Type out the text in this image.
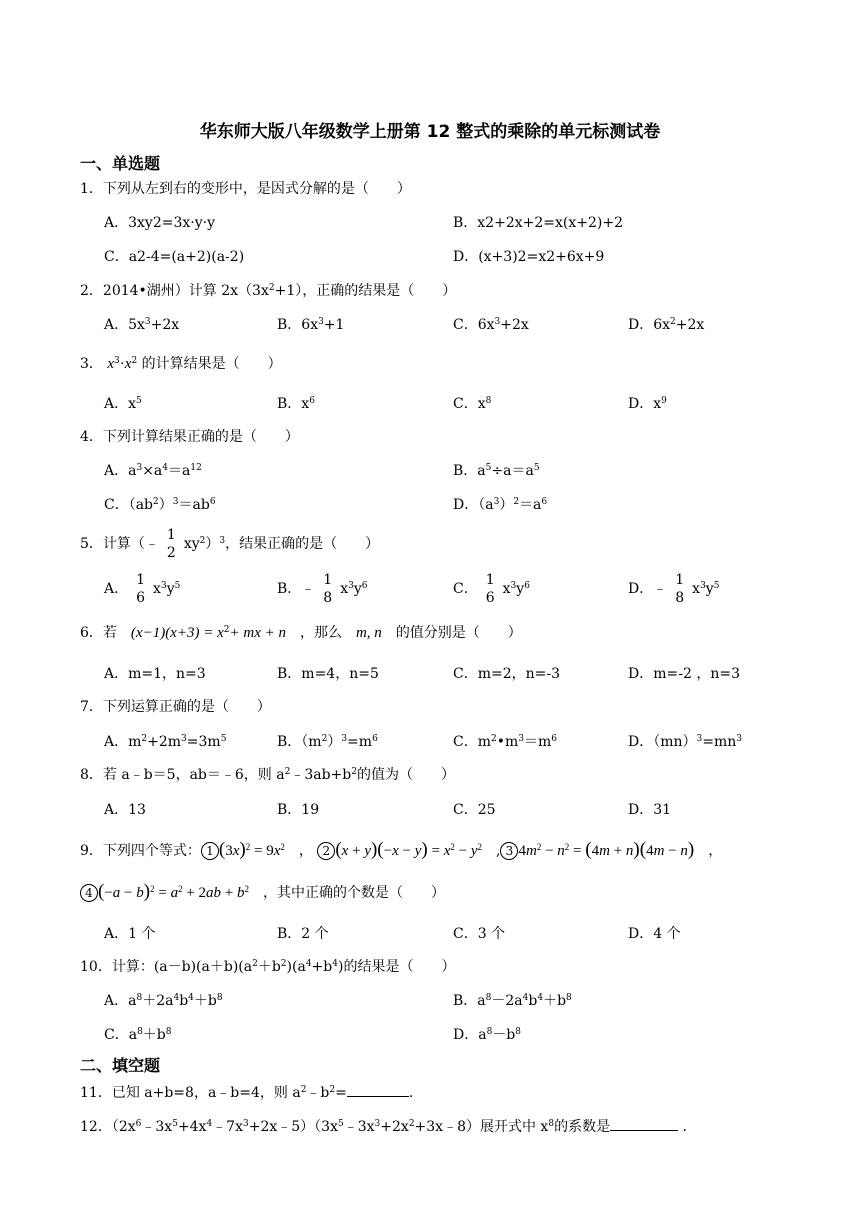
华东师大版八年级数学上册第 12 整式的乘除的单元标测试卷
一、单选题
1．下列从左到右的变形中，是因式分解的是（　　）
A．3xy2=3x·y·y	B．x2+2x+2=x(x+2)+2
C．a2-4=(a+2)(a-2)	D．(x+3)2=x2+6x+9
2．2014•湖州）计算 $2x(3x^2+1)$，正确的结果是（　　）
A．$5x^3+2x$	B．$6x^3+1$	C．$6x^3+2x$	D．$6x^2+2x$
3． $x^3\cdot x^2$ 的计算结果是（　　）
A．$x^5$	B．$x^6$	C．$x^8$	D．$x^9$
4．下列计算结果正确的是（　　）
A．$a^3\times a^4=a^{12}$	B．$a^5\div a=a^5$
C．$(ab^2)^3=ab^6$	D．$(a^3)^2=a^6$
5．计算（﹣
1
2
$xy^2)^3$，结果正确的是（　　）
A．
1
6
$x^3y^5$	B．﹣
1
8
$x^3y^6$	C．
1
6
$x^3y^6$	D．﹣
1
8
$x^3y^5$
6．若　 $(x-1)(x+3) = x^2+$ mx + n　 ，那么　 m, n　 的值分别是（　　）
A．m=1，n=3	B．m=4，n=5	C．m=2，n=-3	D．m=-2 ，n=3
7．下列运算正确的是（　　）
A．$m^2+2m^3=3m^5$	B．$(m^2)^3=m^6$	C．$m^2•m^3=m^6$	D．$(mn)^3=mn^3$
8．若 a﹣b＝5，ab＝﹣6，则 $a^2﹣3ab+b^2$的值为（　　）
A．13	B．19	C．25	D．31
9．下列四个等式： 1 $(3x)^2 = 9x^2$　 ， 2 $(x + y)(-x - y) = x^2 - y^2$　 , 3 $4m^2 - n^2 = (4m + n)(4m - n)$　 ，
4 $(-a - b)^2 = a^2 + 2ab + b^2$　 ，其中正确的个数是（　　）
A．1 个	B．2 个	C．3 个	D．4 个
10．计算：$(a-b)(a+b)(a^2+b^2)(a^4+b^4)$的结果是（　　）
A．$a^8+2a^4b^4+b^8$	B．$a^8-2a^4b^4+b^8$
C．$a^8+b^8$	D．$a^8-b^8$
二、填空题
11．已知 a+b=8，a﹣b=4，则 $a^2﹣b^2=$	.
12．$(2x^6﹣3x^5+4x^4﹣7x^3+2x﹣5)(3x^5﹣3x^3+2x^2+3x﹣8)$展开式中 $x^8$的系数是	．
